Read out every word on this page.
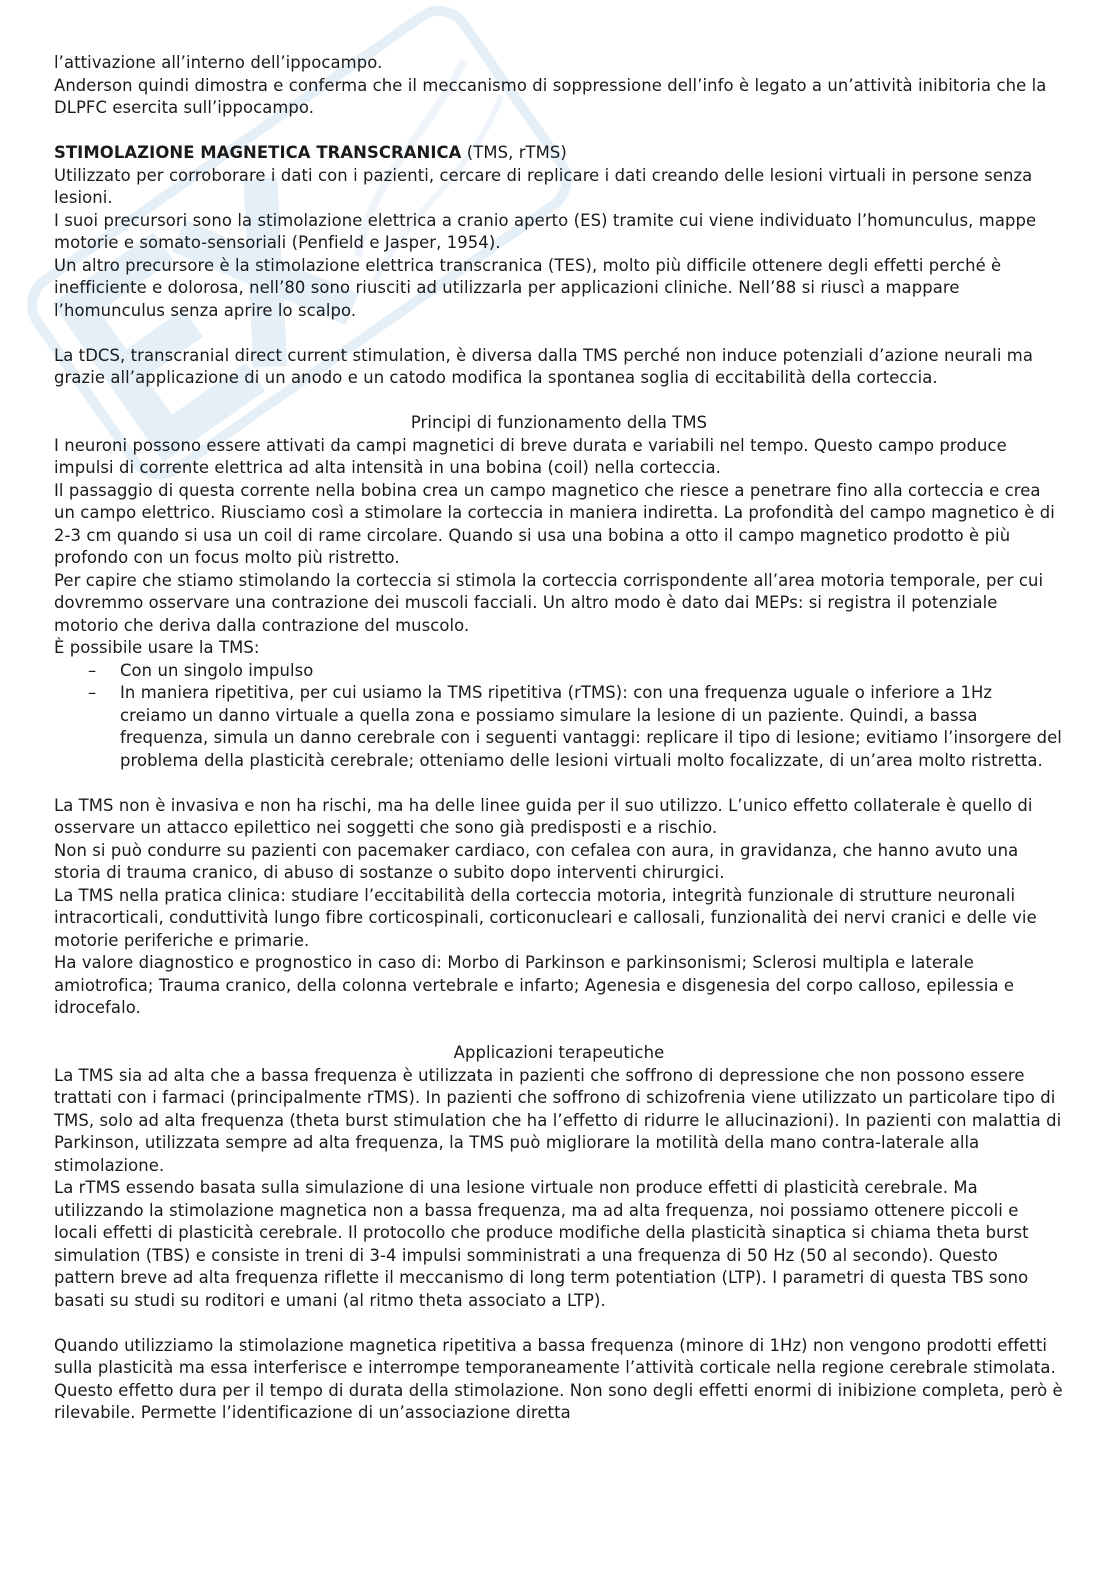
l’attivazione all’interno dell’ippocampo.

Anderson quindi dimostra e conferma che il meccanismo di soppressione dell’info è legato a un’attività inibitoria che la DLPFC esercita sull’ippocampo.

STIMOLAZIONE MAGNETICA TRANSCRANICA (TMS, rTMS)

Utilizzato per corroborare i dati con i pazienti, cercare di replicare i dati creando delle lesioni virtuali in persone senza lesioni.

I suoi precursori sono la stimolazione elettrica a cranio aperto (ES) tramite cui viene individuato l’homunculus, mappe motorie e somato-sensoriali (Penfield e Jasper, 1954).

Un altro precursore è la stimolazione elettrica transcranica (TES), molto più difficile ottenere degli effetti perché è inefficiente e dolorosa, nell’80 sono riusciti ad utilizzarla per applicazioni cliniche. Nell’88 si riuscì a mappare l’homunculus senza aprire lo scalpo.

La tDCS, transcranial direct current stimulation, è diversa dalla TMS perché non induce potenziali d’azione neurali ma grazie all’applicazione di un anodo e un catodo modifica la spontanea soglia di eccitabilità della corteccia.

Principi di funzionamento della TMS

I neuroni possono essere attivati da campi magnetici di breve durata e variabili nel tempo. Questo campo produce impulsi di corrente elettrica ad alta intensità in una bobina (coil) nella corteccia.

Il passaggio di questa corrente nella bobina crea un campo magnetico che riesce a penetrare fino alla corteccia e crea un campo elettrico. Riusciamo così a stimolare la corteccia in maniera indiretta. La profondità del campo magnetico è di 2-3 cm quando si usa un coil di rame circolare. Quando si usa una bobina a otto il campo magnetico prodotto è più profondo con un focus molto più ristretto.

Per capire che stiamo stimolando la corteccia si stimola la corteccia corrispondente all’area motoria temporale, per cui dovremmo osservare una contrazione dei muscoli facciali. Un altro modo è dato dai MEPs: si registra il potenziale motorio che deriva dalla contrazione del muscolo.

È possibile usare la TMS:

– Con un singolo impulso
– In maniera ripetitiva, per cui usiamo la TMS ripetitiva (rTMS): con una frequenza uguale o inferiore a 1Hz creiamo un danno virtuale a quella zona e possiamo simulare la lesione di un paziente. Quindi, a bassa frequenza, simula un danno cerebrale con i seguenti vantaggi: replicare il tipo di lesione; evitiamo l’insorgere del problema della plasticità cerebrale; otteniamo delle lesioni virtuali molto focalizzate, di un’area molto ristretta.

La TMS non è invasiva e non ha rischi, ma ha delle linee guida per il suo utilizzo. L’unico effetto collaterale è quello di osservare un attacco epilettico nei soggetti che sono già predisposti e a rischio.

Non si può condurre su pazienti con pacemaker cardiaco, con cefalea con aura, in gravidanza, che hanno avuto una storia di trauma cranico, di abuso di sostanze o subito dopo interventi chirurgici.

La TMS nella pratica clinica: studiare l’eccitabilità della corteccia motoria, integrità funzionale di strutture neuronali intracorticali, conduttività lungo fibre corticospinali, corticonucleari e callosali, funzionalità dei nervi cranici e delle vie motorie periferiche e primarie.

Ha valore diagnostico e prognostico in caso di: Morbo di Parkinson e parkinsonismi; Sclerosi multipla e laterale amiotrofica; Trauma cranico, della colonna vertebrale e infarto; Agenesia e disgenesia del corpo calloso, epilessia e idrocefalo.

Applicazioni terapeutiche

La TMS sia ad alta che a bassa frequenza è utilizzata in pazienti che soffrono di depressione che non possono essere trattati con i farmaci (principalmente rTMS). In pazienti che soffrono di schizofrenia viene utilizzato un particolare tipo di TMS, solo ad alta frequenza (theta burst stimulation che ha l’effetto di ridurre le allucinazioni). In pazienti con malattia di Parkinson, utilizzata sempre ad alta frequenza, la TMS può migliorare la motilità della mano contra-laterale alla stimolazione.

La rTMS essendo basata sulla simulazione di una lesione virtuale non produce effetti di plasticità cerebrale. Ma utilizzando la stimolazione magnetica non a bassa frequenza, ma ad alta frequenza, noi possiamo ottenere piccoli e locali effetti di plasticità cerebrale. Il protocollo che produce modifiche della plasticità sinaptica si chiama theta burst simulation (TBS) e consiste in treni di 3-4 impulsi somministrati a una frequenza di 50 Hz (50 al secondo). Questo pattern breve ad alta frequenza riflette il meccanismo di long term potentiation (LTP). I parametri di questa TBS sono basati su studi su roditori e umani (al ritmo theta associato a LTP).

Quando utilizziamo la stimolazione magnetica ripetitiva a bassa frequenza (minore di 1Hz) non vengono prodotti effetti sulla plasticità ma essa interferisce e interrompe temporaneamente l’attività corticale nella regione cerebrale stimolata. Questo effetto dura per il tempo di durata della stimolazione. Non sono degli effetti enormi di inibizione completa, però è rilevabile. Permette l’identificazione di un’associazione diretta
